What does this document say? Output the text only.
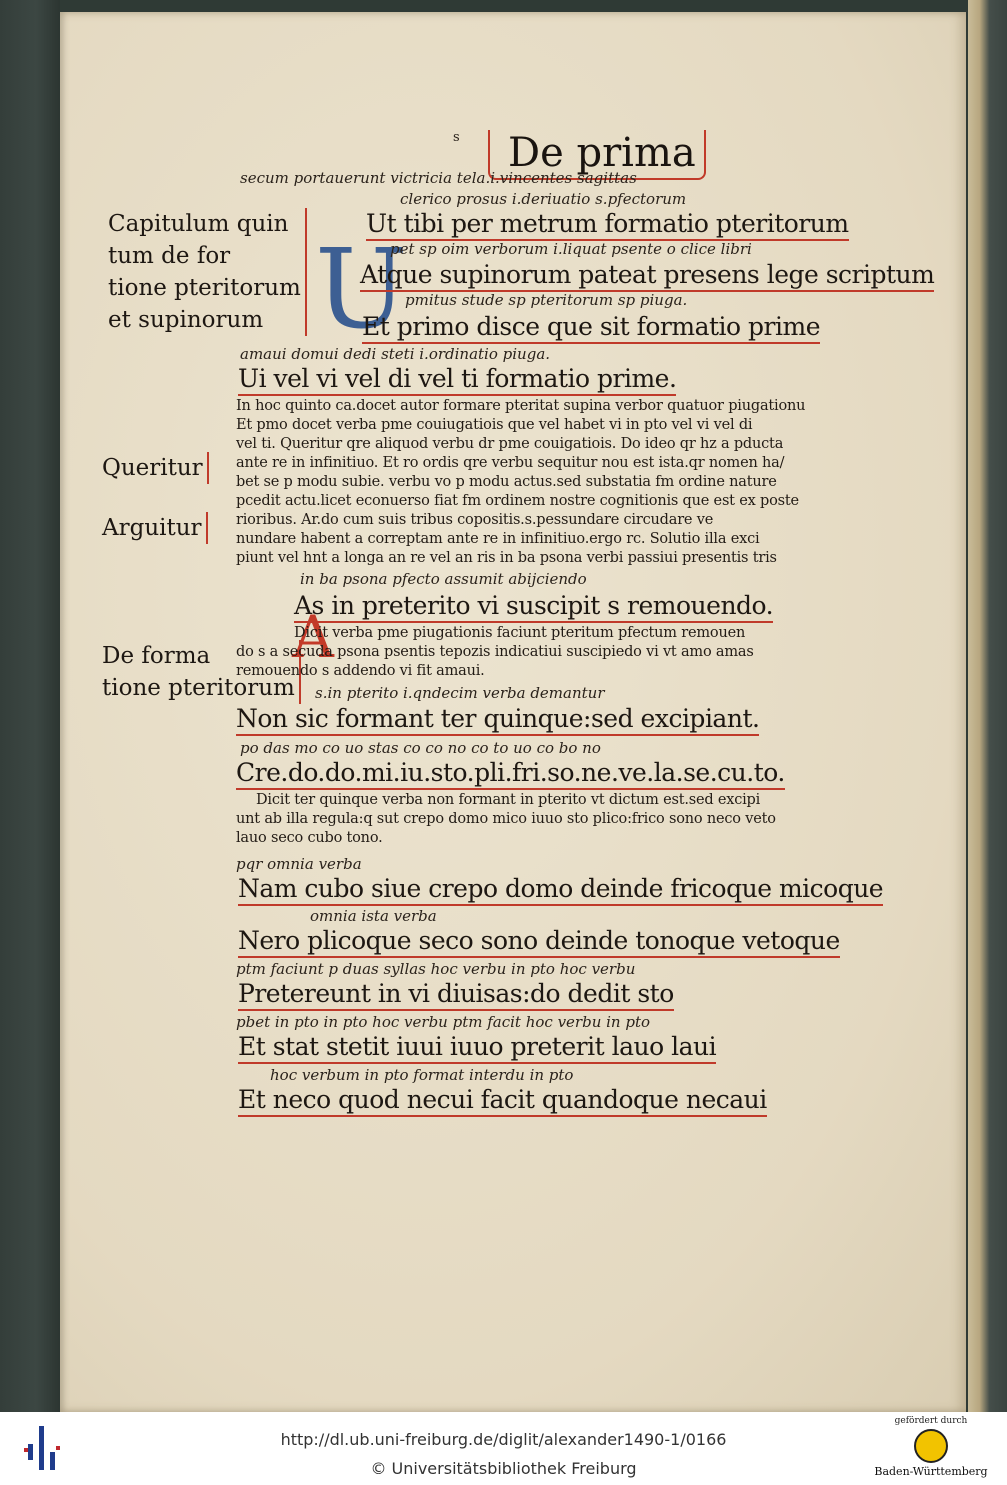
s	De prima
U
A
Capitulum quin
tum de for
tione pteritorum
et supinorum
Queritur
Arguitur
De forma
tione pteritorum
secum portauerunt victricia tela.i.vincentes sagittas
clerico prosus i.deriuatio s.pfectorum
Ut tibi per metrum formatio pteritorum
pet sp oim verborum i.liquat psente o clice libri
Atque supinorum pateat presens lege scriptum
pmitus stude sp pteritorum sp piuga.
Et primo disce que sit formatio prime
amaui domui dedi steti i.ordinatio piuga.
Ui vel vi vel di vel ti formatio prime.
In hoc quinto ca.docet autor formare pteritat supina verbor quatuor piugationu
Et pmo docet verba pme couiugatiois que vel habet vi in pto vel vi vel di
vel ti. Queritur qre aliquod verbu dr pme couigatiois. Do ideo qr hz a pducta
ante re in infinitiuo. Et ro ordis qre verbu sequitur nou est ista.qr nomen ha/
bet se p modu subie. verbu vo p modu actus.sed substatia fm ordine nature
pcedit actu.licet econuerso fiat fm ordinem nostre cognitionis que est ex poste
rioribus. Ar.do cum suis tribus copositis.s.pessundare circudare ve
nundare habent a correptam ante re in infinitiuo.ergo rc. Solutio illa exci
piunt vel hnt a longa an re vel an ris in ba psona verbi passiui presentis tris
in ba psona pfecto assumit abijciendo
As in preterito vi suscipit s remouendo.
Dicit verba pme piugationis faciunt pteritum pfectum remouen
do s a secuda psona psentis tepozis indicatiui suscipiedo vi vt amo amas
remouendo s addendo vi fit amaui.
s.in pterito i.qndecim verba demantur
Non sic formant ter quinque:sed excipiant.
po das mo co uo stas co co no co to uo co bo no
Cre.do.do.mi.iu.sto.pli.fri.so.ne.ve.la.se.cu.to.
Dicit ter quinque verba non formant in pterito vt dictum est.sed excipi
unt ab illa regula:q sut crepo domo mico iuuo sto plico:frico sono neco veto
lauo seco cubo tono.
pqr omnia verba
Nam cubo siue crepo domo deinde fricoque micoque
omnia ista verba
Nero plicoque seco sono deinde tonoque vetoque
ptm faciunt p duas syllas hoc verbu in pto hoc verbu
Pretereunt in vi diuisas:do dedit sto
pbet in pto in pto hoc verbu ptm facit hoc verbu in pto
Et stat stetit iuui iuuo preterit lauo laui
hoc verbum in pto format interdu in pto
Et neco quod necui facit quandoque necaui
http://dl.ub.uni-freiburg.de/diglit/alexander1490-1/0166
© Universitätsbibliothek Freiburg
gefördert durch
Baden-Württemberg
